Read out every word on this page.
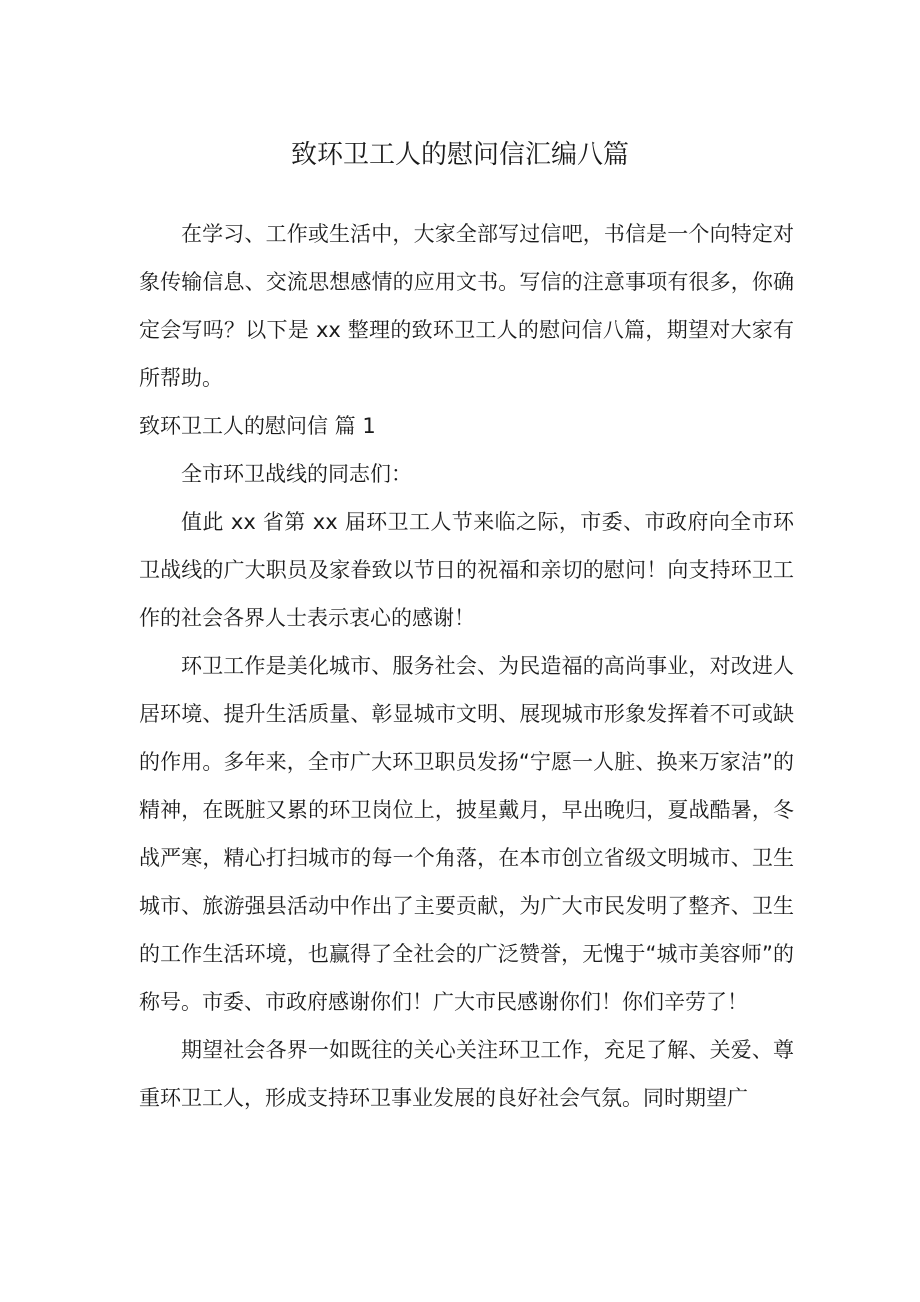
致环卫工人的慰问信汇编八篇

在学习、工作或生活中，大家全部写过信吧，书信是一个向特定对象传输信息、交流思想感情的应用文书。写信的注意事项有很多，你确定会写吗？以下是 xx 整理的致环卫工人的慰问信八篇，期望对大家有所帮助。

致环卫工人的慰问信 篇 1

全市环卫战线的同志们：

值此 xx 省第 xx 届环卫工人节来临之际，市委、市政府向全市环卫战线的广大职员及家眷致以节日的祝福和亲切的慰问！向支持环卫工作的社会各界人士表示衷心的感谢！

环卫工作是美化城市、服务社会、为民造福的高尚事业，对改进人居环境、提升生活质量、彰显城市文明、展现城市形象发挥着不可或缺的作用。多年来，全市广大环卫职员发扬“宁愿一人脏、换来万家洁”的精神，在既脏又累的环卫岗位上，披星戴月，早出晚归，夏战酷暑，冬战严寒，精心打扫城市的每一个角落，在本市创立省级文明城市、卫生城市、旅游强县活动中作出了主要贡献，为广大市民发明了整齐、卫生的工作生活环境，也赢得了全社会的广泛赞誉，无愧于“城市美容师”的称号。市委、市政府感谢你们！广大市民感谢你们！你们辛劳了！

期望社会各界一如既往的关心关注环卫工作，充足了解、关爱、尊重环卫工人，形成支持环卫事业发展的良好社会气氛。同时期望广
